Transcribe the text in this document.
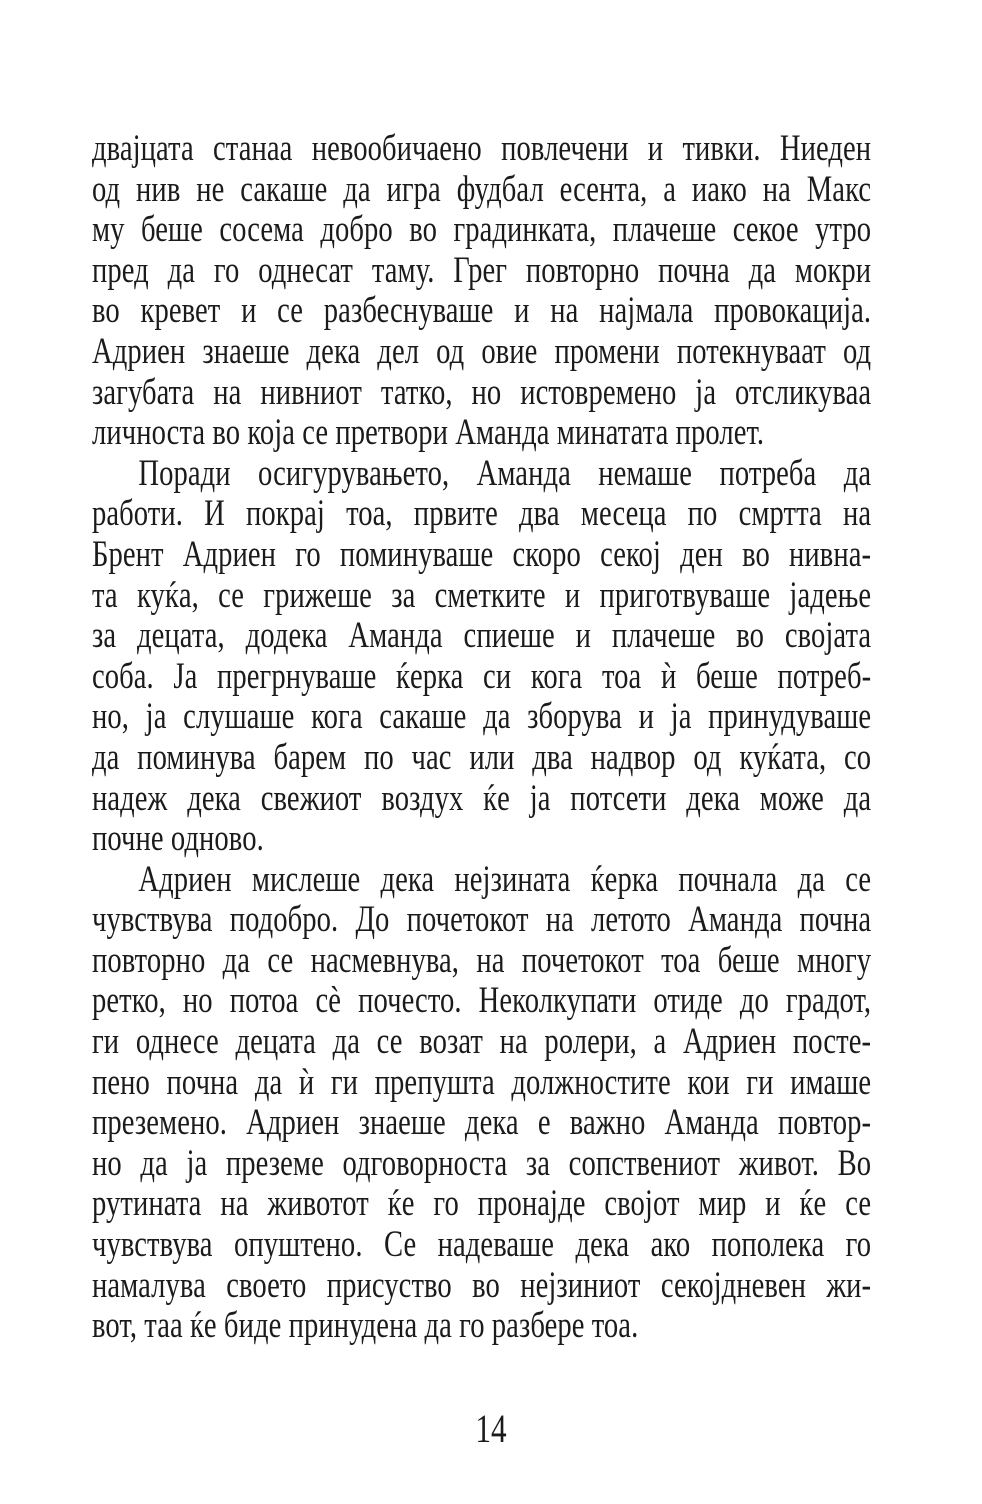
двајцата станаа невообичаено повлечени и тивки. Ниеден
од нив не сакаше да игра фудбал есента, а иако на Макс
му беше сосема добро во градинката, плачеше секое утро
пред да го однесат таму. Грег повторно почна да мокри
во кревет и се разбеснуваше и на најмала провокација.
Адриен знаеше дека дел од овие промени потекнуваат од
загубата на нивниот татко, но истовремено ја отсликуваа
личноста во која се претвори Аманда минатата пролет.
Поради осигурувањето, Аманда немаше потреба да
работи. И покрај тоа, првите два месеца по смртта на
Брент Адриен го поминуваше скоро секој ден во нивна-
та куќа, се грижеше за сметките и приготвуваше јадење
за децата, додека Аманда спиеше и плачеше во својата
соба. Ја прегрнуваше ќерка си кога тоа ѝ беше потреб-
но, ја слушаше кога сакаше да зборува и ја принудуваше
да поминува барем по час или два надвор од куќата, со
надеж дека свежиот воздух ќе ја потсети дека може да
почне одново.
Адриен мислеше дека нејзината ќерка почнала да се
чувствува подобро. До почетокот на летото Аманда почна
повторно да се насмевнува, на почетокот тоа беше многу
ретко, но потоа сѐ почесто. Неколкупати отиде до градот,
ги однесе децата да се возат на ролери, а Адриен посте-
пено почна да ѝ ги препушта должностите кои ги имаше
преземено. Адриен знаеше дека е важно Аманда повтор-
но да ја преземе одговорноста за сопствениот живот. Во
рутината на животот ќе го пронајде својот мир и ќе се
чувствува опуштено. Се надеваше дека ако пополека го
намалува своето присуство во нејзиниот секојдневен жи-
вот, таа ќе биде принудена да го разбере тоа.
14
